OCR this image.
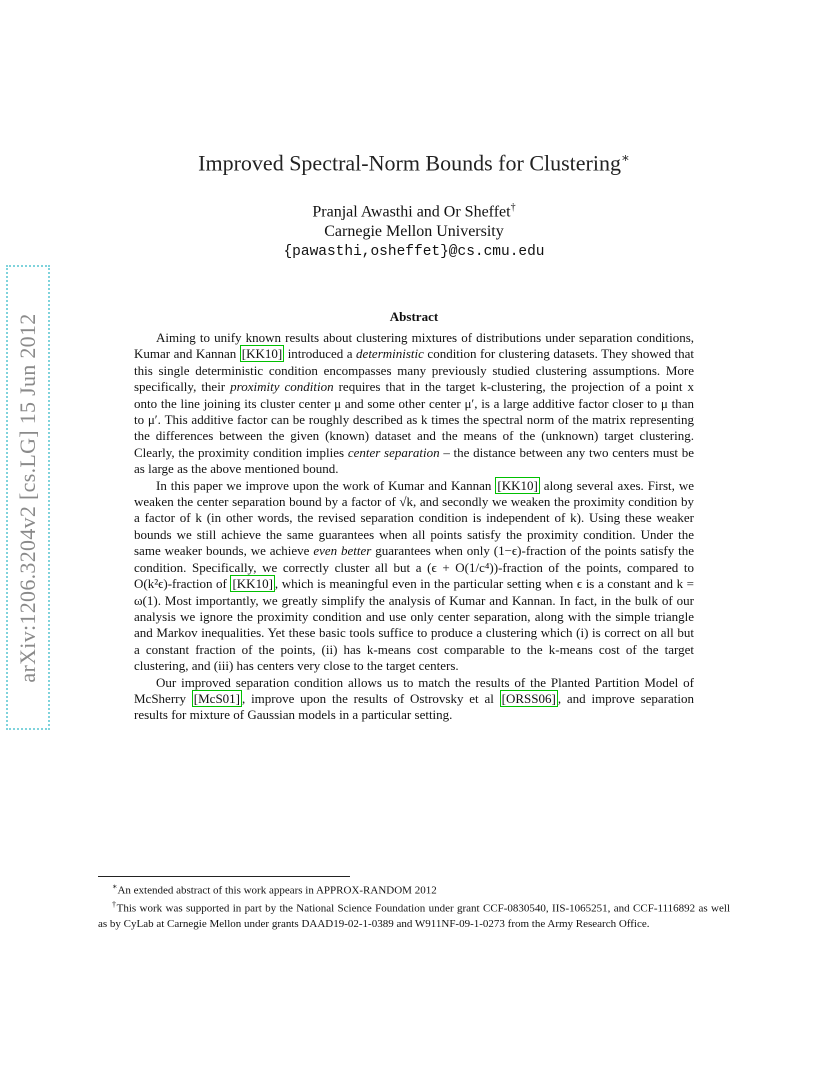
arXiv:1206.3204v2 [cs.LG] 15 Jun 2012
Improved Spectral-Norm Bounds for Clustering∗
Pranjal Awasthi and Or Sheffet†
Carnegie Mellon University
{pawasthi,osheffet}@cs.cmu.edu
Abstract

Aiming to unify known results about clustering mixtures of distributions under separation conditions, Kumar and Kannan [KK10] introduced a deterministic condition for clustering datasets. They showed that this single deterministic condition encompasses many previously studied clustering assumptions. More specifically, their proximity condition requires that in the target k-clustering, the projection of a point x onto the line joining its cluster center μ and some other center μ′, is a large additive factor closer to μ than to μ′. This additive factor can be roughly described as k times the spectral norm of the matrix representing the differences between the given (known) dataset and the means of the (unknown) target clustering. Clearly, the proximity condition implies center separation – the distance between any two centers must be as large as the above mentioned bound.

In this paper we improve upon the work of Kumar and Kannan [KK10] along several axes. First, we weaken the center separation bound by a factor of √k, and secondly we weaken the proximity condition by a factor of k (in other words, the revised separation condition is independent of k). Using these weaker bounds we still achieve the same guarantees when all points satisfy the proximity condition. Under the same weaker bounds, we achieve even better guarantees when only (1−ϵ)-fraction of the points satisfy the condition. Specifically, we correctly cluster all but a (ϵ + O(1/c⁴))-fraction of the points, compared to O(k²ϵ)-fraction of [KK10] , which is meaningful even in the particular setting when ϵ is a constant and k = ω(1). Most importantly, we greatly simplify the analysis of Kumar and Kannan. In fact, in the bulk of our analysis we ignore the proximity condition and use only center separation, along with the simple triangle and Markov inequalities. Yet these basic tools suffice to produce a clustering which (i) is correct on all but a constant fraction of the points, (ii) has k-means cost comparable to the k-means cost of the target clustering, and (iii) has centers very close to the target centers.

Our improved separation condition allows us to match the results of the Planted Partition Model of McSherry [McS01] , improve upon the results of Ostrovsky et al [ORSS06] , and improve separation results for mixture of Gaussian models in a particular setting.

∗An extended abstract of this work appears in APPROX-RANDOM 2012

†This work was supported in part by the National Science Foundation under grant CCF-0830540, IIS-1065251, and CCF-1116892 as well as by CyLab at Carnegie Mellon under grants DAAD19-02-1-0389 and W911NF-09-1-0273 from the Army Research Office.
